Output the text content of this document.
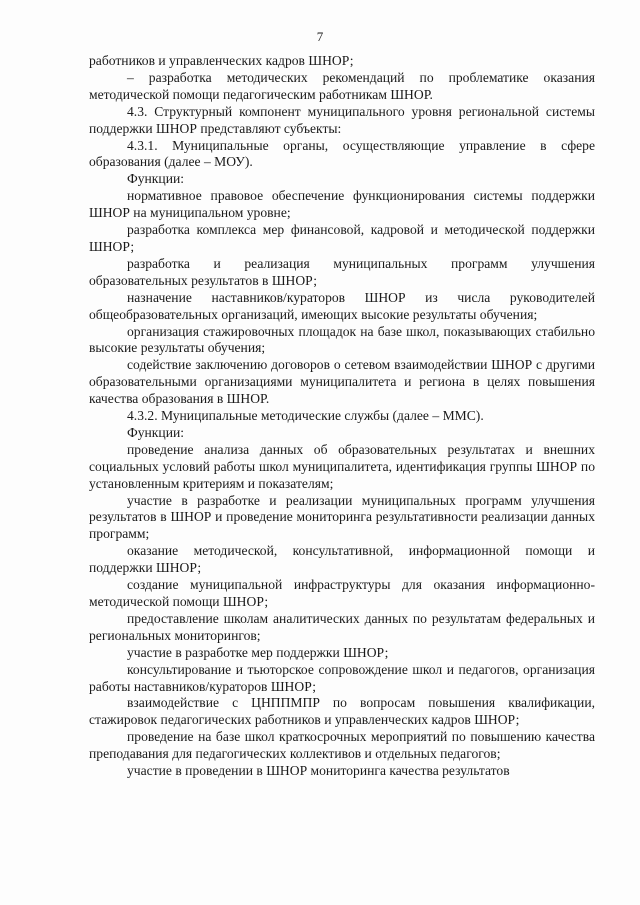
7

работников и управленческих кадров ШНОР;

– разработка методических рекомендаций по проблематике оказания методической помощи педагогическим работникам ШНОР.

4.3. Структурный компонент муниципального уровня региональной системы поддержки ШНОР представляют субъекты:

4.3.1. Муниципальные органы, осуществляющие управление в сфере образования (далее – МОУ).

Функции:

нормативное правовое обеспечение функционирования системы поддержки ШНОР на муниципальном уровне;

разработка комплекса мер финансовой, кадровой и методической поддержки ШНОР;

разработка и реализация муниципальных программ улучшения образовательных результатов в ШНОР;

назначение наставников/кураторов ШНОР из числа руководителей общеобразовательных организаций, имеющих высокие результаты обучения;

организация стажировочных площадок на базе школ, показывающих стабильно высокие результаты обучения;

содействие заключению договоров о сетевом взаимодействии ШНОР с другими образовательными организациями муниципалитета и региона в целях повышения качества образования в ШНОР.

4.3.2. Муниципальные методические службы (далее – ММС).

Функции:

проведение анализа данных об образовательных результатах и внешних социальных условий работы школ муниципалитета, идентификация группы ШНОР по установленным критериям и показателям;

участие в разработке и реализации муниципальных программ улучшения результатов в ШНОР и проведение мониторинга результативности реализации данных программ;

оказание методической, консультативной, информационной помощи и поддержки ШНОР;

создание муниципальной инфраструктуры для оказания информационно-методической помощи ШНОР;

предоставление школам аналитических данных по результатам федеральных и региональных мониторингов;

участие в разработке мер поддержки ШНОР;

консультирование и тьюторское сопровождение школ и педагогов, организация работы наставников/кураторов ШНОР;

взаимодействие с ЦНППМПР по вопросам повышения квалификации, стажировок педагогических работников и управленческих кадров ШНОР;

проведение на базе школ краткосрочных мероприятий по повышению качества преподавания для педагогических коллективов и отдельных педагогов;

участие в проведении в ШНОР мониторинга качества результатов
